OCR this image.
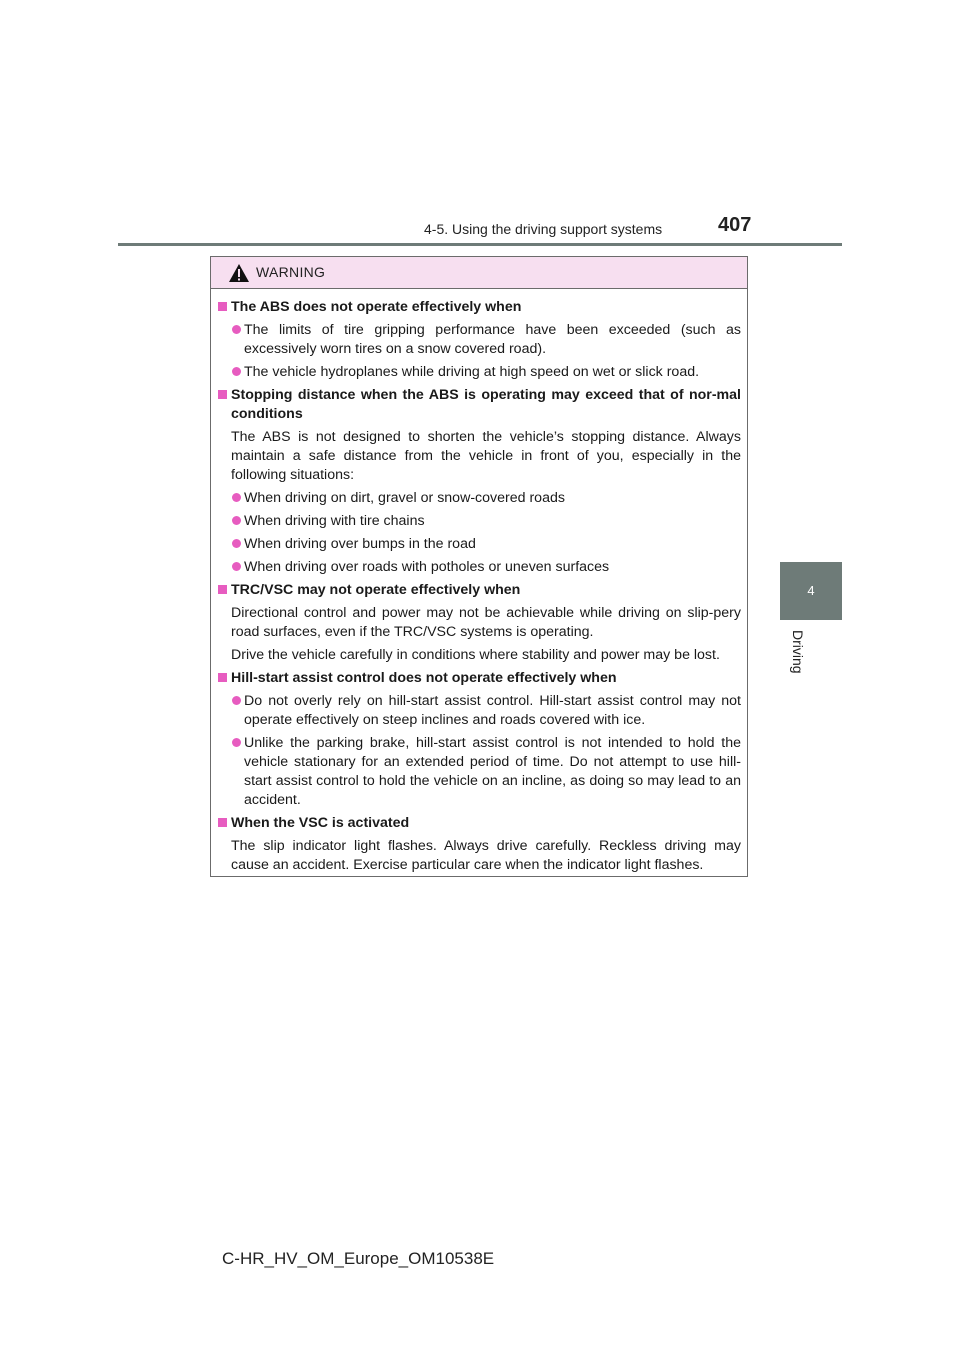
4-5. Using the driving support systems	407
4
Driving
WARNING
The ABS does not operate effectively when
The limits of tire gripping performance have been exceeded (such as excessively worn tires on a snow covered road).
The vehicle hydroplanes while driving at high speed on wet or slick road.
Stopping distance when the ABS is operating may exceed that of nor-mal conditions
The ABS is not designed to shorten the vehicle’s stopping distance. Always maintain a safe distance from the vehicle in front of you, especially in the following situations:
When driving on dirt, gravel or snow-covered roads
When driving with tire chains
When driving over bumps in the road
When driving over roads with potholes or uneven surfaces
TRC/VSC may not operate effectively when
Directional control and power may not be achievable while driving on slip-pery road surfaces, even if the TRC/VSC systems is operating.
Drive the vehicle carefully in conditions where stability and power may be lost.
Hill-start assist control does not operate effectively when
Do not overly rely on hill-start assist control. Hill-start assist control may not operate effectively on steep inclines and roads covered with ice.
Unlike the parking brake, hill-start assist control is not intended to hold the vehicle stationary for an extended period of time. Do not attempt to use hill-start assist control to hold the vehicle on an incline, as doing so may lead to an accident.
When the VSC is activated
The slip indicator light flashes. Always drive carefully. Reckless driving may cause an accident. Exercise particular care when the indicator light flashes.
C-HR_HV_OM_Europe_OM10538E
